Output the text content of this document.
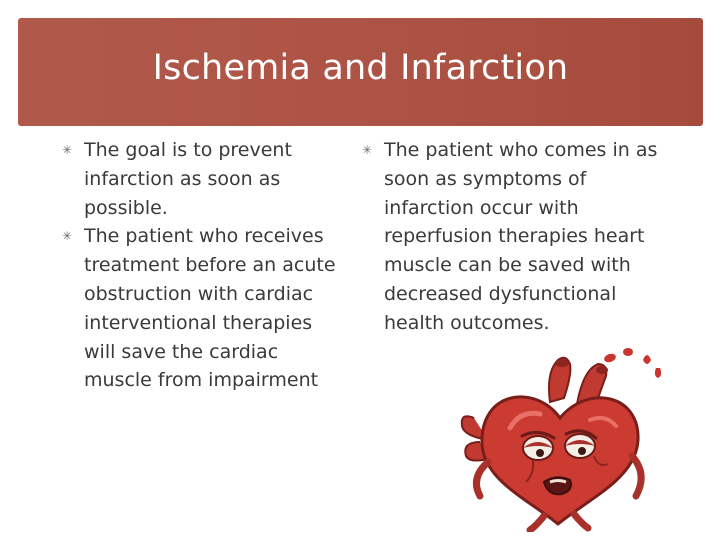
Ischemia and Infarction

✳ The goal is to prevent infarction as soon as possible.

✳ The patient who receives treatment before an acute obstruction with cardiac interventional therapies will save the cardiac muscle from impairment

✳ The patient who comes in as soon as symptoms of infarction occur with reperfusion therapies heart muscle can be saved with decreased dysfunctional health outcomes.
